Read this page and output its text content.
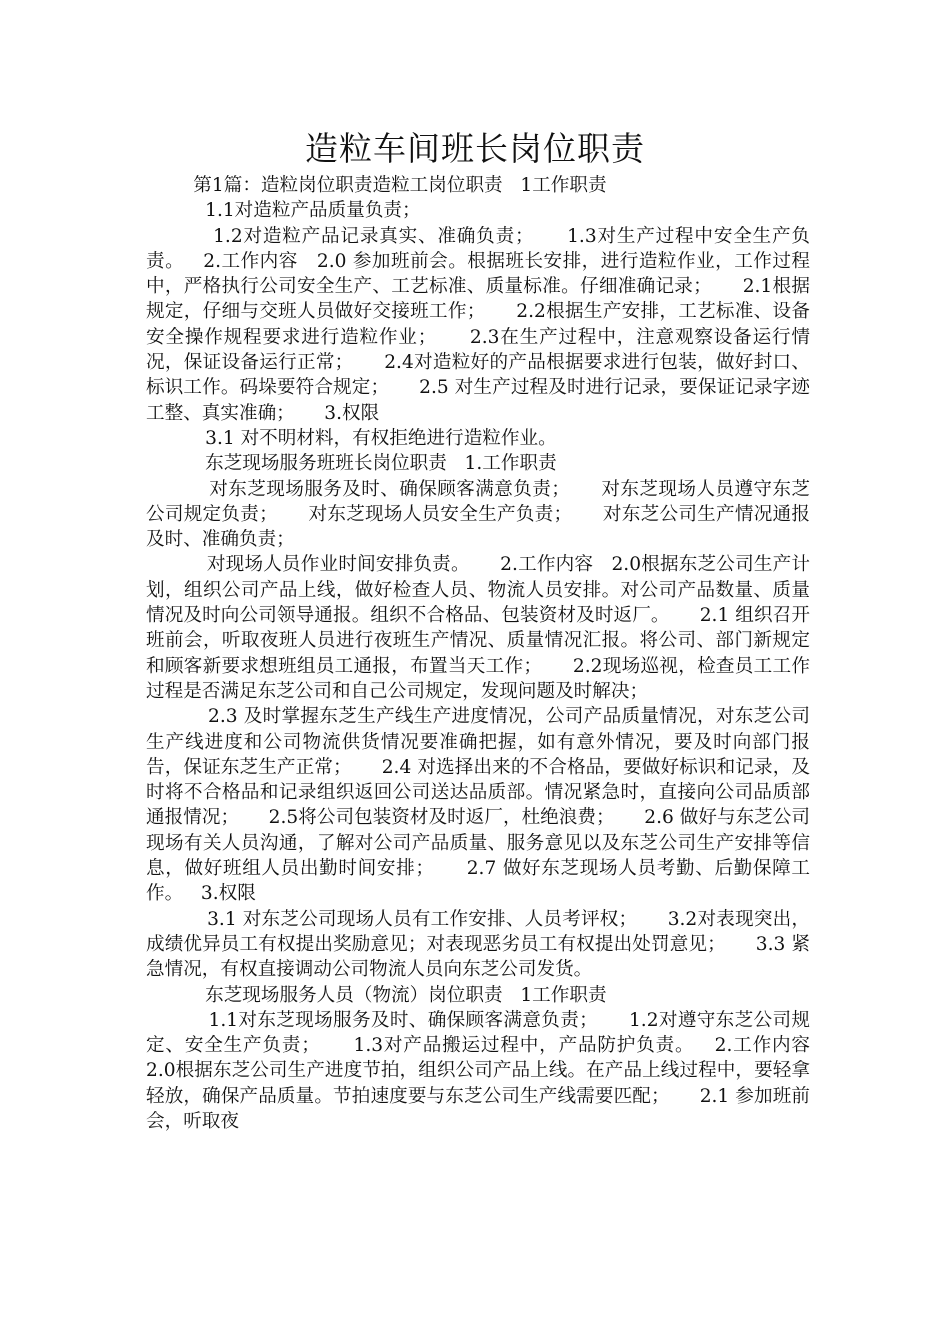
造粒车间班长岗位职责

第1篇：造粒岗位职责造粒工岗位职责   1工作职责

1.1对造粒产品质量负责；

1.2对造粒产品记录真实、准确负责；     1.3对生产过程中安全生产负责。   2.工作内容   2.0 参加班前会。根据班长安排，进行造粒作业，工作过程中，严格执行公司安全生产、工艺标准、质量标准。仔细准确记录；     2.1根据规定，仔细与交班人员做好交接班工作；     2.2根据生产安排，工艺标准、设备安全操作规程要求进行造粒作业；     2.3在生产过程中，注意观察设备运行情况，保证设备运行正常；     2.4对造粒好的产品根据要求进行包装，做好封口、标识工作。码垛要符合规定；     2.5 对生产过程及时进行记录，要保证记录字迹工整、真实准确；     3.权限

3.1 对不明材料，有权拒绝进行造粒作业。

东芝现场服务班班长岗位职责   1.工作职责

对东芝现场服务及时、确保顾客满意负责；     对东芝现场人员遵守东芝公司规定负责；     对东芝现场人员安全生产负责；     对东芝公司生产情况通报及时、准确负责；

对现场人员作业时间安排负责。     2.工作内容   2.0根据东芝公司生产计划，组织公司产品上线，做好检查人员、物流人员安排。对公司产品数量、质量情况及时向公司领导通报。组织不合格品、包装资材及时返厂。     2.1 组织召开班前会，听取夜班人员进行夜班生产情况、质量情况汇报。将公司、部门新规定和顾客新要求想班组员工通报，布置当天工作；     2.2现场巡视，检查员工工作过程是否满足东芝公司和自己公司规定，发现问题及时解决；

2.3 及时掌握东芝生产线生产进度情况，公司产品质量情况，对东芝公司生产线进度和公司物流供货情况要准确把握，如有意外情况，要及时向部门报告，保证东芝生产正常；     2.4 对选择出来的不合格品，要做好标识和记录，及时将不合格品和记录组织返回公司送达品质部。情况紧急时，直接向公司品质部通报情况；     2.5将公司包装资材及时返厂，杜绝浪费；     2.6 做好与东芝公司现场有关人员沟通，了解对公司产品质量、服务意见以及东芝公司生产安排等信息，做好班组人员出勤时间安排；     2.7 做好东芝现场人员考勤、后勤保障工作。   3.权限

3.1 对东芝公司现场人员有工作安排、人员考评权；     3.2对表现突出，成绩优异员工有权提出奖励意见；对表现恶劣员工有权提出处罚意见；     3.3 紧急情况，有权直接调动公司物流人员向东芝公司发货。

东芝现场服务人员（物流）岗位职责   1工作职责

1.1对东芝现场服务及时、确保顾客满意负责；     1.2对遵守东芝公司规定、安全生产负责；     1.3对产品搬运过程中，产品防护负责。   2.工作内容   2.0根据东芝公司生产进度节拍，组织公司产品上线。在产品上线过程中，要轻拿轻放，确保产品质量。节拍速度要与东芝公司生产线需要匹配；     2.1 参加班前会，听取夜
